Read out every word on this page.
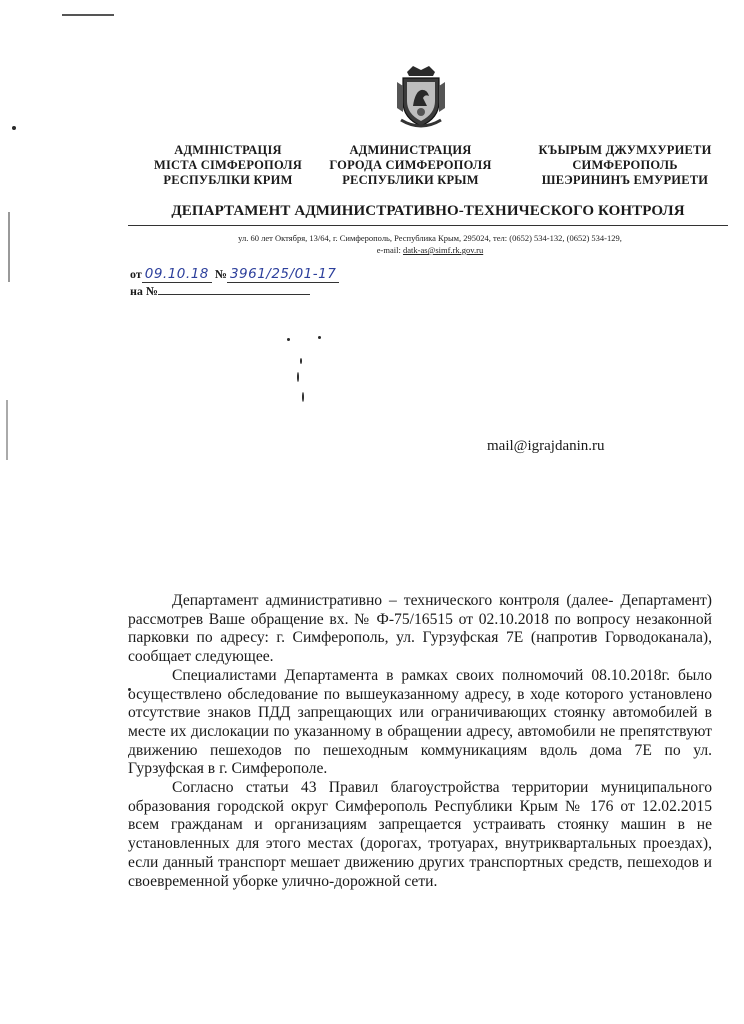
АДМІНІСТРАЦІЯ
МІСТА СІМФЕРОПОЛЯ
РЕСПУБЛІКИ КРИМ
АДМИНИСТРАЦИЯ
ГОРОДА СИМФЕРОПОЛЯ
РЕСПУБЛИКИ КРЫМ
КЪЫРЫМ ДЖУМХУРИЕТИ
СИМФЕРОПОЛЬ
ШЕЭРИНИНЪ ЕМУРИЕТИ
ДЕПАРТАМЕНТ АДМИНИСТРАТИВНО-ТЕХНИЧЕСКОГО КОНТРОЛЯ
ул. 60 лет Октября, 13/64, г. Симферополь, Республика Крым, 295024, тел: (0652) 534-132, (0652) 534-129,
e-mail: datk-as@simf.rk.gov.ru
от 09.10.18 № 3961/25/01-17
на №
mail@igrajdanin.ru

Департамент административно – технического контроля (далее- Департамент) рассмотрев Ваше обращение вх. № Ф-75/16515 от 02.10.2018 по вопросу незаконной парковки по адресу: г. Симферополь, ул. Гурзуфская 7Е (напротив Горводоканала), сообщает следующее.

Специалистами Департамента в рамках своих полномочий 08.10.2018г. было осуществлено обследование по вышеуказанному адресу, в ходе которого установлено отсутствие знаков ПДД запрещающих или ограничивающих стоянку автомобилей в месте их дислокации по указанному в обращении адресу, автомобили не препятствуют движению пешеходов по пешеходным коммуникациям вдоль дома 7Е по ул. Гурзуфская в г. Симферополе.

Согласно статьи 43 Правил благоустройства территории муниципального образования городской округ Симферополь Республики Крым № 176 от 12.02.2015 всем гражданам и организациям запрещается устраивать стоянку машин в не установленных для этого местах (дорогах, тротуарах, внутриквартальных проездах), если данный транспорт мешает движению других транспортных средств, пешеходов и своевременной уборке улично-дорожной сети.
